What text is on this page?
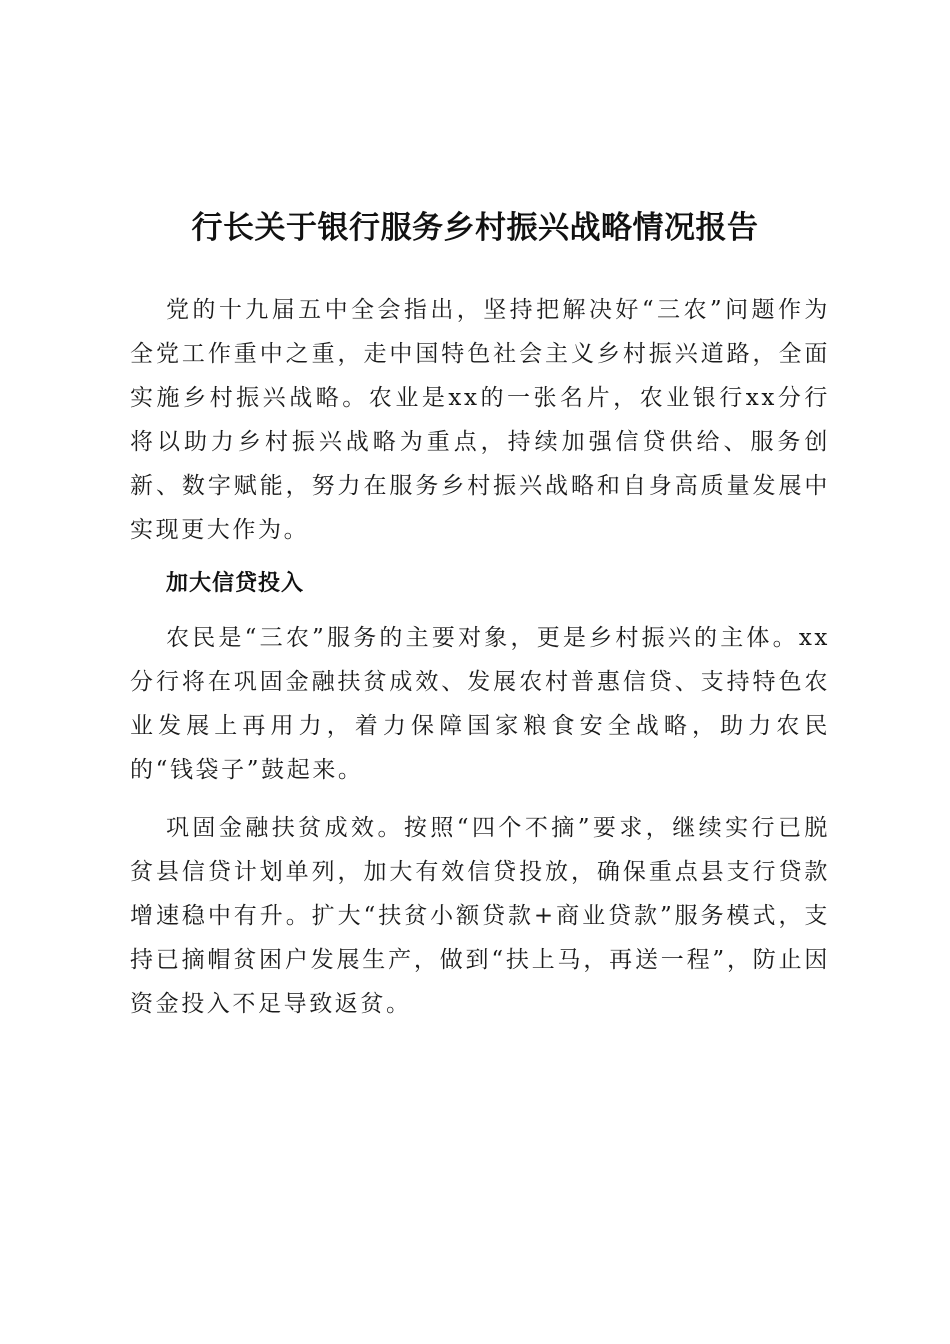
行长关于银行服务乡村振兴战略情况报告

党的十九届五中全会指出，坚持把解决好“三农”问题作为全党工作重中之重，走中国特色社会主义乡村振兴道路，全面实施乡村振兴战略。农业是xx的一张名片，农业银行xx分行将以助力乡村振兴战略为重点，持续加强信贷供给、服务创新、数字赋能，努力在服务乡村振兴战略和自身高质量发展中实现更大作为。

加大信贷投入

农民是“三农”服务的主要对象，更是乡村振兴的主体。xx分行将在巩固金融扶贫成效、发展农村普惠信贷、支持特色农业发展上再用力，着力保障国家粮食安全战略，助力农民的“钱袋子”鼓起来。

巩固金融扶贫成效。按照“四个不摘”要求，继续实行已脱贫县信贷计划单列，加大有效信贷投放，确保重点县支行贷款增速稳中有升。扩大“扶贫小额贷款+商业贷款”服务模式，支持已摘帽贫困户发展生产，做到“扶上马，再送一程”，防止因资金投入不足导致返贫。
